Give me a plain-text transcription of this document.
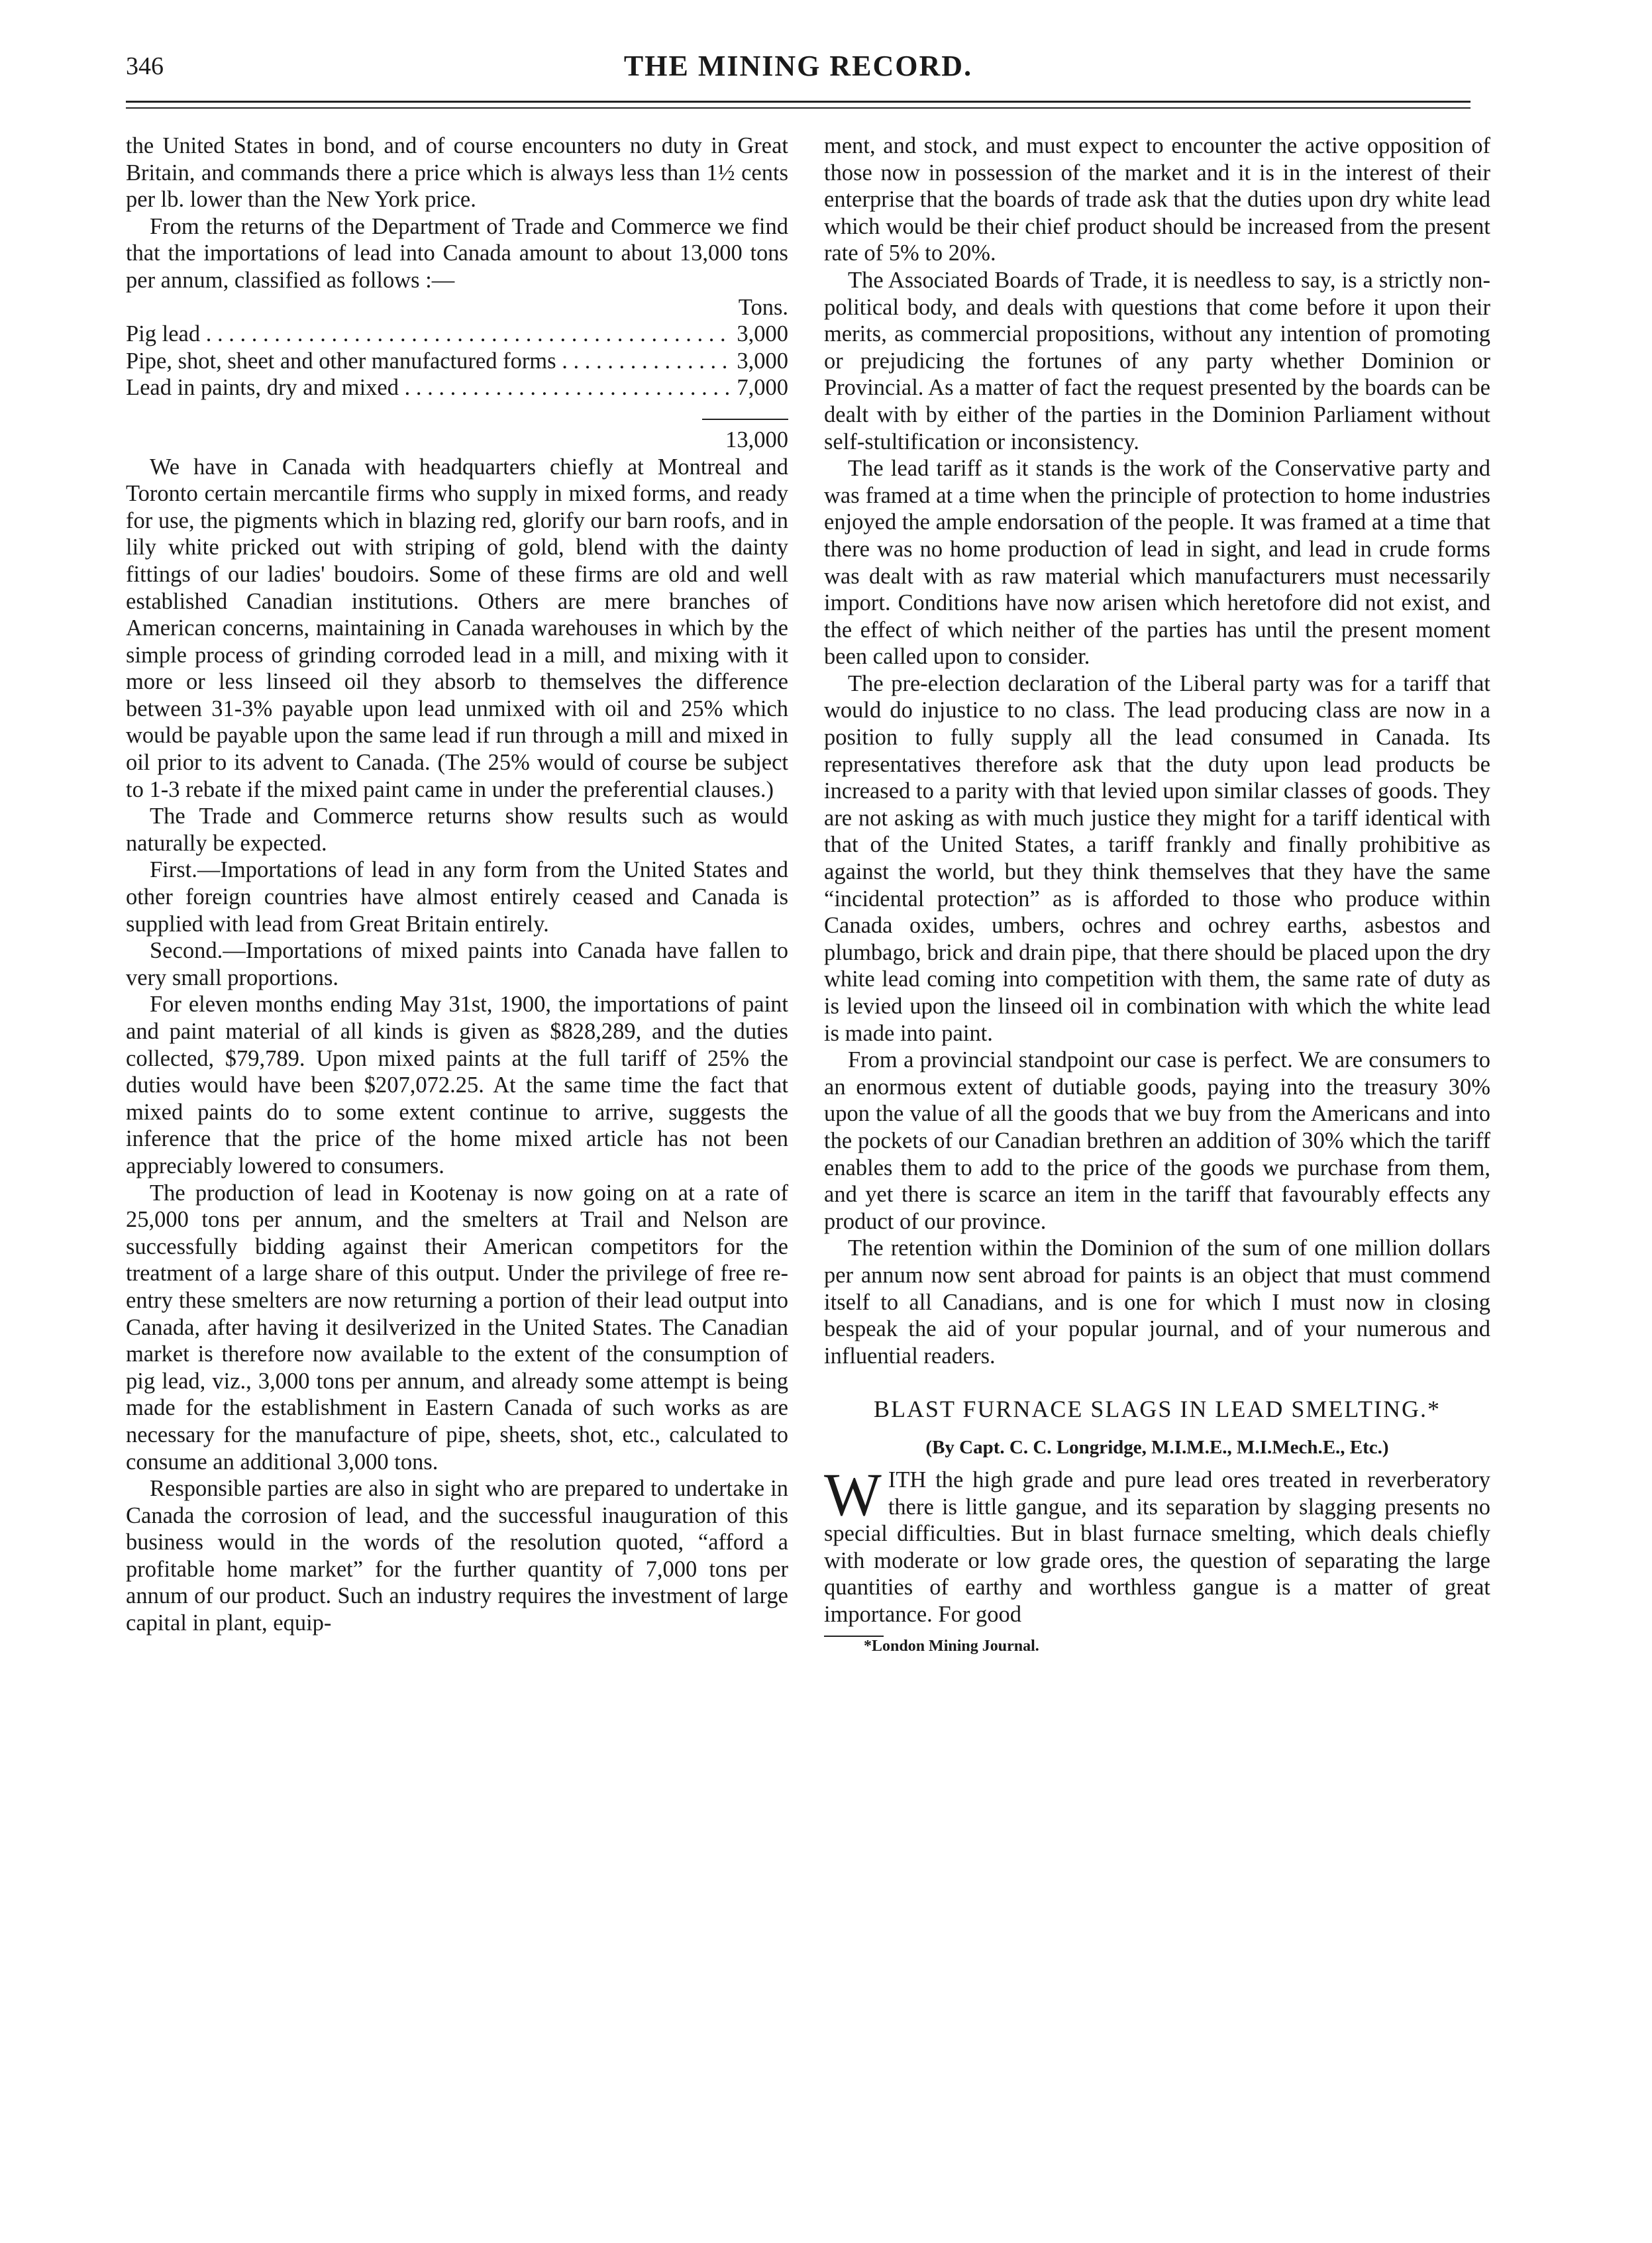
346	THE MINING RECORD.

the United States in bond, and of course encounters no duty in Great Britain, and commands there a price which is always less than 1½ cents per lb. lower than the New York price.

From the returns of the Department of Trade and Commerce we find that the importations of lead into Canada amount to about 13,000 tons per annum, classified as follows :—

Tons.
Pig lead . . .	3,000
Pipe, shot, sheet and other manufactured forms . . .	3,000
Lead in paints, dry and mixed . . .	7,000
13,000

We have in Canada with headquarters chiefly at Montreal and Toronto certain mercantile firms who supply in mixed forms, and ready for use, the pigments which in blazing red, glorify our barn roofs, and in lily white pricked out with striping of gold, blend with the dainty fittings of our ladies' boudoirs. Some of these firms are old and well established Canadian institutions. Others are mere branches of American concerns, maintaining in Canada warehouses in which by the simple process of grinding corroded lead in a mill, and mixing with it more or less linseed oil they absorb to themselves the difference between 31-3% payable upon lead unmixed with oil and 25% which would be payable upon the same lead if run through a mill and mixed in oil prior to its advent to Canada. (The 25% would of course be subject to 1-3 rebate if the mixed paint came in under the preferential clauses.)

The Trade and Commerce returns show results such as would naturally be expected.

First.—Importations of lead in any form from the United States and other foreign countries have almost entirely ceased and Canada is supplied with lead from Great Britain entirely.

Second.—Importations of mixed paints into Canada have fallen to very small proportions.

For eleven months ending May 31st, 1900, the importations of paint and paint material of all kinds is given as $828,289, and the duties collected, $79,789. Upon mixed paints at the full tariff of 25% the duties would have been $207,072.25. At the same time the fact that mixed paints do to some extent continue to arrive, suggests the inference that the price of the home mixed article has not been appreciably lowered to consumers.

The production of lead in Kootenay is now going on at a rate of 25,000 tons per annum, and the smelters at Trail and Nelson are successfully bidding against their American competitors for the treatment of a large share of this output. Under the privilege of free re-entry these smelters are now returning a portion of their lead output into Canada, after having it desilverized in the United States. The Canadian market is therefore now available to the extent of the consumption of pig lead, viz., 3,000 tons per annum, and already some attempt is being made for the establishment in Eastern Canada of such works as are necessary for the manufacture of pipe, sheets, shot, etc., calculated to consume an additional 3,000 tons.

Responsible parties are also in sight who are prepared to undertake in Canada the corrosion of lead, and the successful inauguration of this business would in the words of the resolution quoted, “afford a profitable home market” for the further quantity of 7,000 tons per annum of our product. Such an industry requires the investment of large capital in plant, equip-

ment, and stock, and must expect to encounter the active opposition of those now in possession of the market and it is in the interest of their enterprise that the boards of trade ask that the duties upon dry white lead which would be their chief product should be increased from the present rate of 5% to 20%.

The Associated Boards of Trade, it is needless to say, is a strictly non-political body, and deals with questions that come before it upon their merits, as commercial propositions, without any intention of promoting or prejudicing the fortunes of any party whether Dominion or Provincial. As a matter of fact the request presented by the boards can be dealt with by either of the parties in the Dominion Parliament without self-stultification or inconsistency.

The lead tariff as it stands is the work of the Conservative party and was framed at a time when the principle of protection to home industries enjoyed the ample endorsation of the people. It was framed at a time that there was no home production of lead in sight, and lead in crude forms was dealt with as raw material which manufacturers must necessarily import. Conditions have now arisen which heretofore did not exist, and the effect of which neither of the parties has until the present moment been called upon to consider.

The pre-election declaration of the Liberal party was for a tariff that would do injustice to no class. The lead producing class are now in a position to fully supply all the lead consumed in Canada. Its representatives therefore ask that the duty upon lead products be increased to a parity with that levied upon similar classes of goods. They are not asking as with much justice they might for a tariff identical with that of the United States, a tariff frankly and finally prohibitive as against the world, but they think themselves that they have the same “incidental protection” as is afforded to those who produce within Canada oxides, umbers, ochres and ochrey earths, asbestos and plumbago, brick and drain pipe, that there should be placed upon the dry white lead coming into competition with them, the same rate of duty as is levied upon the linseed oil in combination with which the white lead is made into paint.

From a provincial standpoint our case is perfect. We are consumers to an enormous extent of dutiable goods, paying into the treasury 30% upon the value of all the goods that we buy from the Americans and into the pockets of our Canadian brethren an addition of 30% which the tariff enables them to add to the price of the goods we purchase from them, and yet there is scarce an item in the tariff that favourably effects any product of our province.

The retention within the Dominion of the sum of one million dollars per annum now sent abroad for paints is an object that must commend itself to all Canadians, and is one for which I must now in closing bespeak the aid of your popular journal, and of your numerous and influential readers.

BLAST FURNACE SLAGS IN LEAD SMELTING.*
(By Capt. C. C. Longridge, M.I.M.E., M.I.Mech.E., Etc.)

WITH the high grade and pure lead ores treated in reverberatory there is little gangue, and its separation by slagging presents no special difficulties. But in blast furnace smelting, which deals chiefly with moderate or low grade ores, the question of separating the large quantities of earthy and worthless gangue is a matter of great importance. For good

*London Mining Journal.
